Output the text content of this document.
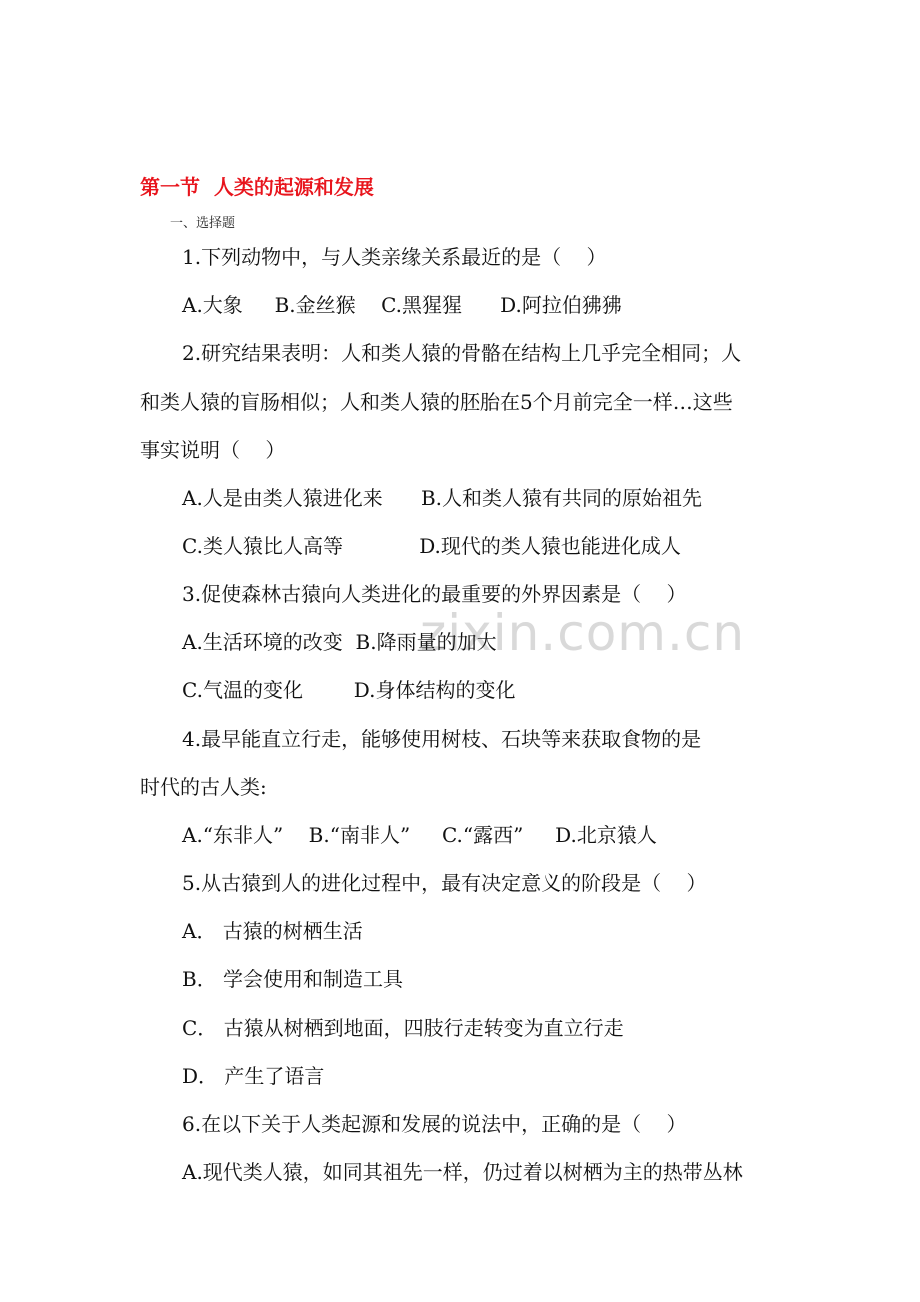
zixin.com.cn
第一节  人类的起源和发展
一、选择题
1.下列动物中，与人类亲缘关系最近的是（    ）
A.大象     B.金丝猴    C.黑猩猩      D.阿拉伯狒狒
2.研究结果表明：人和类人猿的骨骼在结构上几乎完全相同；人
和类人猿的盲肠相似；人和类人猿的胚胎在5个月前完全一样…这些
事实说明（    ）
A.人是由类人猿进化来      B.人和类人猿有共同的原始祖先
C.类人猿比人高等            D.现代的类人猿也能进化成人
3.促使森林古猿向人类进化的最重要的外界因素是（    ）
A.生活环境的改变  B.降雨量的加大
C.气温的变化        D.身体结构的变化
4.最早能直立行走，能够使用树枝、石块等来获取食物的是
时代的古人类:
A.“东非人”    B.“南非人”     C.“露西”     D.北京猿人
5.从古猿到人的进化过程中，最有决定意义的阶段是（    ）
A． 古猿的树栖生活
B． 学会使用和制造工具
C． 古猿从树栖到地面，四肢行走转变为直立行走
D． 产生了语言
6.在以下关于人类起源和发展的说法中，正确的是（    ）
A.现代类人猿，如同其祖先一样，仍过着以树栖为主的热带丛林
